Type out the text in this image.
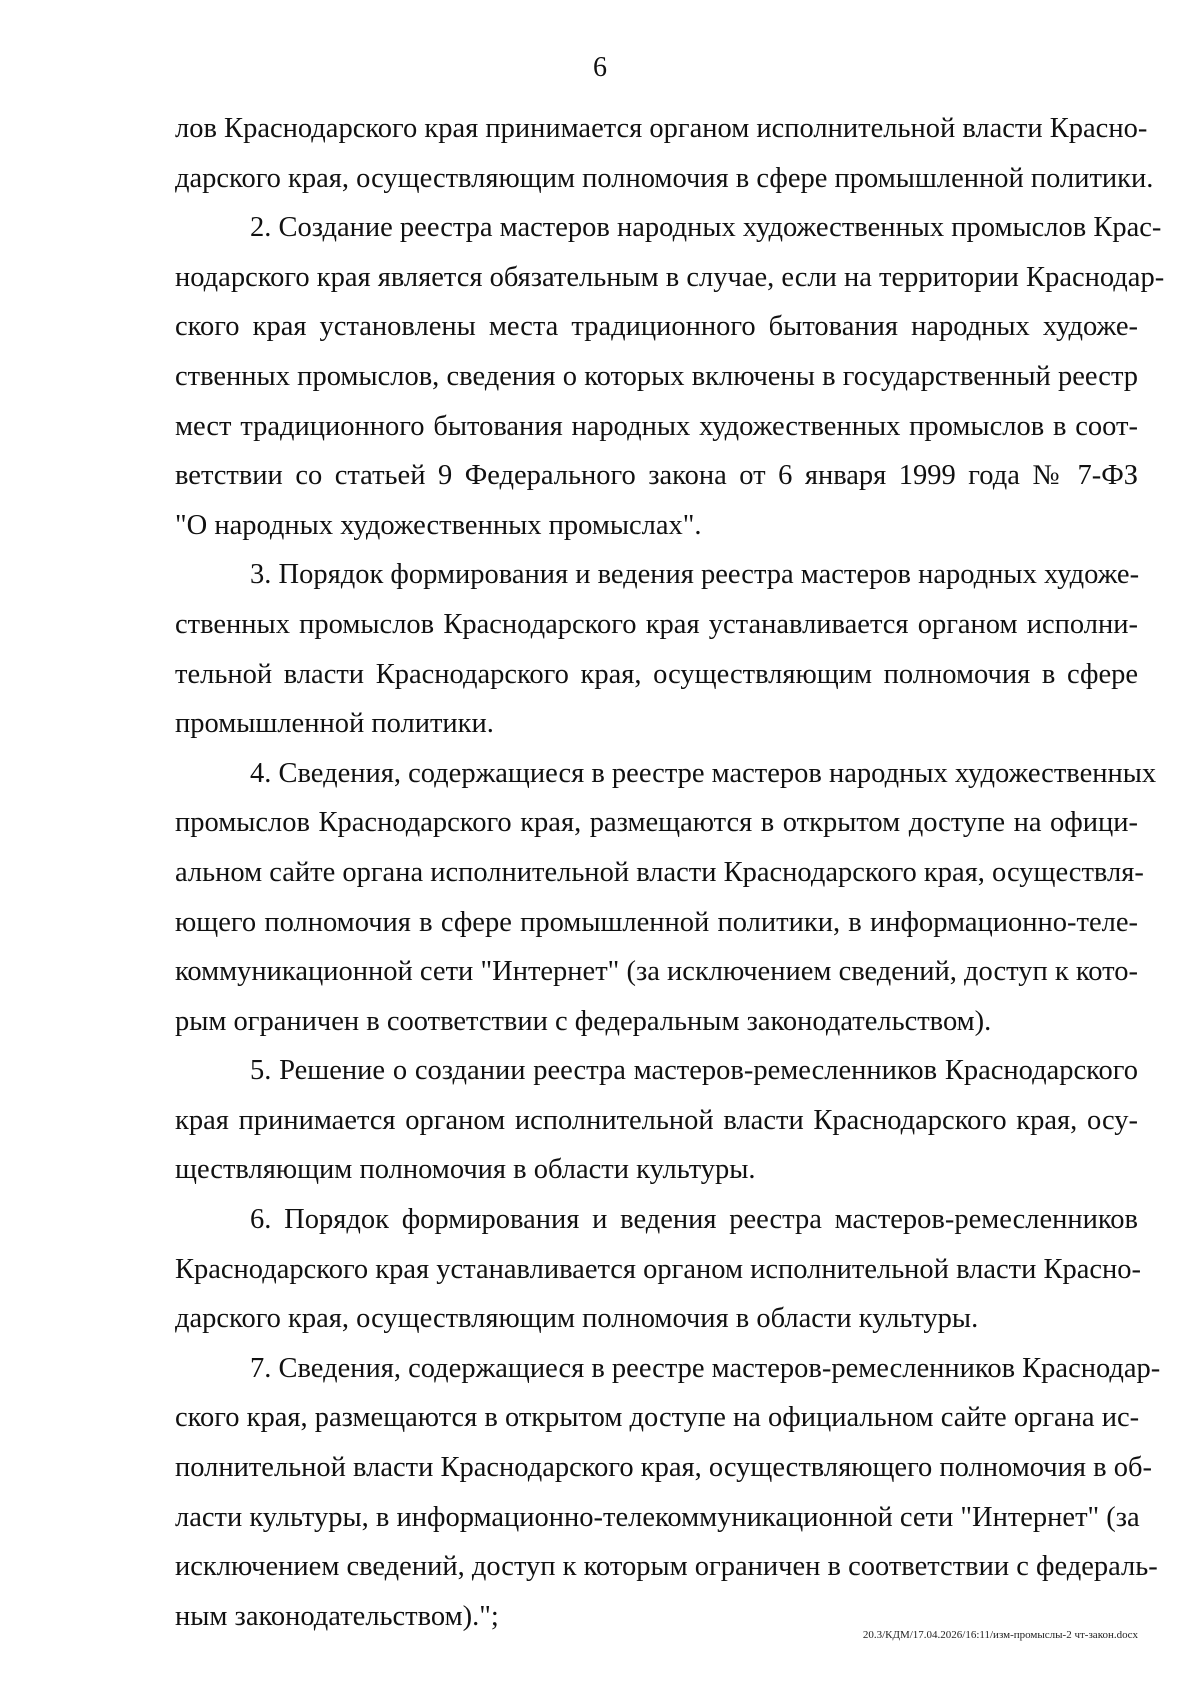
6
лов Краснодарского края принимается органом исполнительной власти Красно-
дарского края, осуществляющим полномочия в сфере промышленной политики.
2. Создание реестра мастеров народных художественных промыслов Крас-
нодарского края является обязательным в случае, если на территории Краснодар-
ского края установлены места традиционного бытования народных художе-
ственных промыслов, сведения о которых включены в государственный реестр
мест традиционного бытования народных художественных промыслов в соот-
ветствии со статьей 9 Федерального закона от 6 января 1999 года № 7-ФЗ
"О народных художественных промыслах".
3. Порядок формирования и ведения реестра мастеров народных художе-
ственных промыслов Краснодарского края устанавливается органом исполни-
тельной власти Краснодарского края, осуществляющим полномочия в сфере
промышленной политики.
4. Сведения, содержащиеся в реестре мастеров народных художественных
промыслов Краснодарского края, размещаются в открытом доступе на офици-
альном сайте органа исполнительной власти Краснодарского края, осуществля-
ющего полномочия в сфере промышленной политики, в информационно-теле-
коммуникационной сети "Интернет" (за исключением сведений, доступ к кото-
рым ограничен в соответствии с федеральным законодательством).
5. Решение о создании реестра мастеров-ремесленников Краснодарского
края принимается органом исполнительной власти Краснодарского края, осу-
ществляющим полномочия в области культуры.
6. Порядок формирования и ведения реестра мастеров-ремесленников
Краснодарского края устанавливается органом исполнительной власти Красно-
дарского края, осуществляющим полномочия в области культуры.
7. Сведения, содержащиеся в реестре мастеров-ремесленников Краснодар-
ского края, размещаются в открытом доступе на официальном сайте органа ис-
полнительной власти Краснодарского края, осуществляющего полномочия в об-
ласти культуры, в информационно-телекоммуникационной сети "Интернет" (за
исключением сведений, доступ к которым ограничен в соответствии с федераль-
ным законодательством).";
20.3/КДМ/17.04.2026/16:11/изм-промыслы-2 чт-закон.docx
